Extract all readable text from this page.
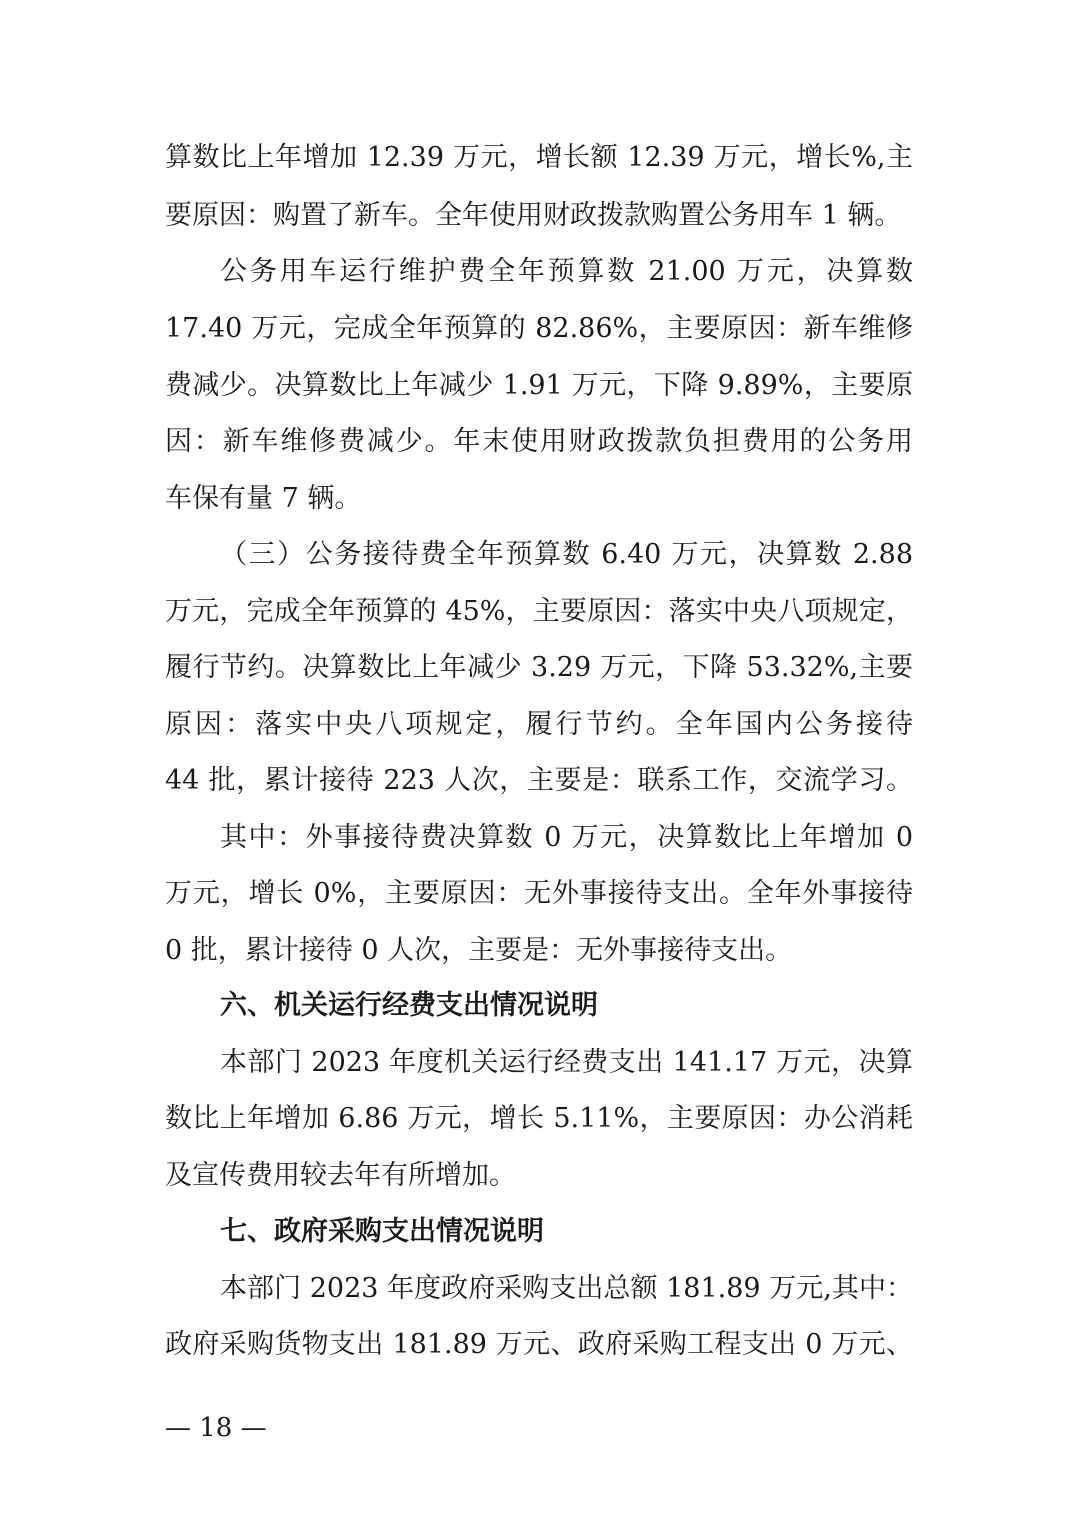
算数比上年增加 12.39 万元，增长额 12.39 万元，增长%,主
要原因：购置了新车。全年使用财政拨款购置公务用车 1 辆。
公务用车运行维护费全年预算数 21.00 万元，决算数
17.40 万元，完成全年预算的 82.86%，主要原因：新车维修
费减少。决算数比上年减少 1.91 万元，下降 9.89%，主要原
因：新车维修费减少。年末使用财政拨款负担费用的公务用
车保有量 7 辆。
（三）公务接待费全年预算数 6.40 万元，决算数 2.88
万元，完成全年预算的 45%，主要原因：落实中央八项规定，
履行节约。决算数比上年减少 3.29 万元，下降 53.32%,主要
原因：落实中央八项规定，履行节约。全年国内公务接待
44 批，累计接待 223 人次，主要是：联系工作，交流学习。
其中：外事接待费决算数 0 万元，决算数比上年增加 0
万元，增长 0%，主要原因：无外事接待支出。全年外事接待
0 批，累计接待 0 人次，主要是：无外事接待支出。
六、机关运行经费支出情况说明
本部门 2023 年度机关运行经费支出 141.17 万元，决算
数比上年增加 6.86 万元，增长 5.11%，主要原因：办公消耗
及宣传费用较去年有所增加。
七、政府采购支出情况说明
本部门 2023 年度政府采购支出总额 181.89 万元,其中：
政府采购货物支出 181.89 万元、政府采购工程支出 0 万元、
— 18 —
